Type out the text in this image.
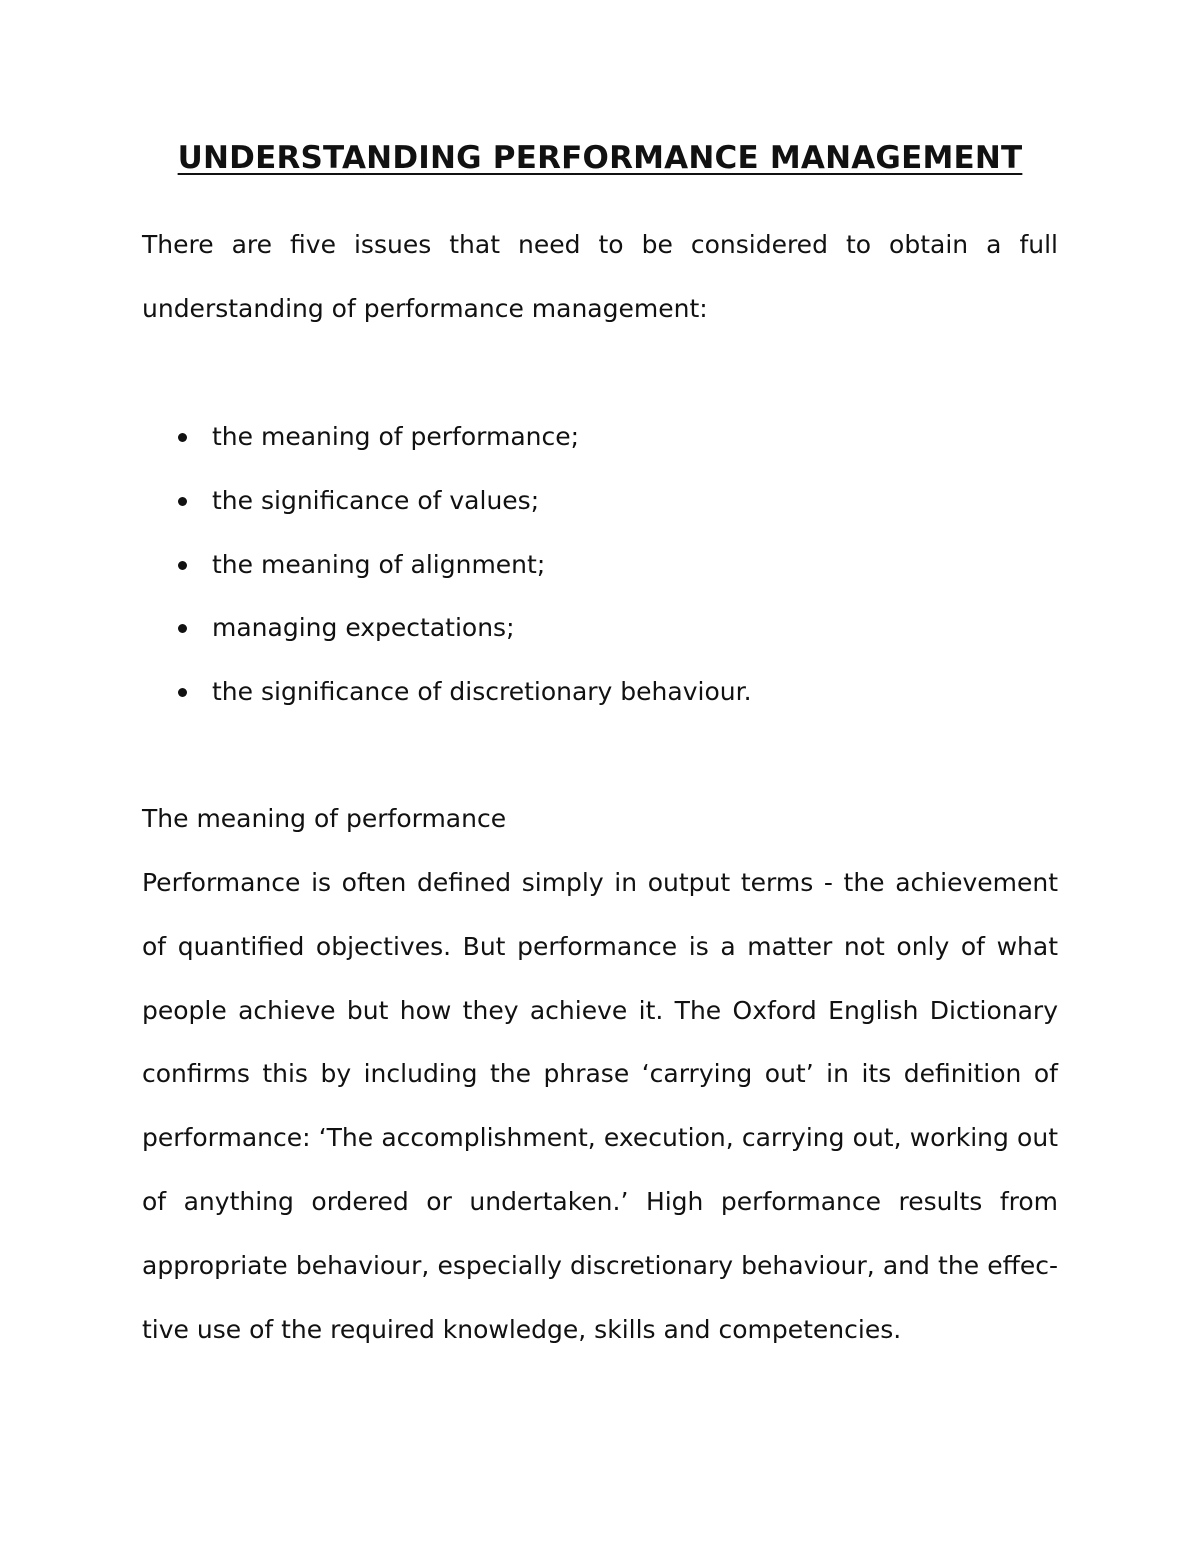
UNDERSTANDING PERFORMANCE MANAGEMENT

There are five issues that need to be considered to obtain a full understanding of performance management:

the meaning of performance;
the significance of values;
the meaning of alignment;
managing expectations;
the significance of discretionary behaviour.
The meaning of performance

Performance is often defined simply in output terms - the achievement of quantified objectives. But performance is a matter not only of what people achieve but how they achieve it. The Oxford English Dictionary confirms this by including the phrase ‘carrying out’ in its definition of performance: ‘The accomplishment, execution, carrying out, working out of anything ordered or undertaken.’ High performance results from appropriate behaviour, especially discretionary behaviour, and the effec- tive use of the required knowledge, skills and competencies.
